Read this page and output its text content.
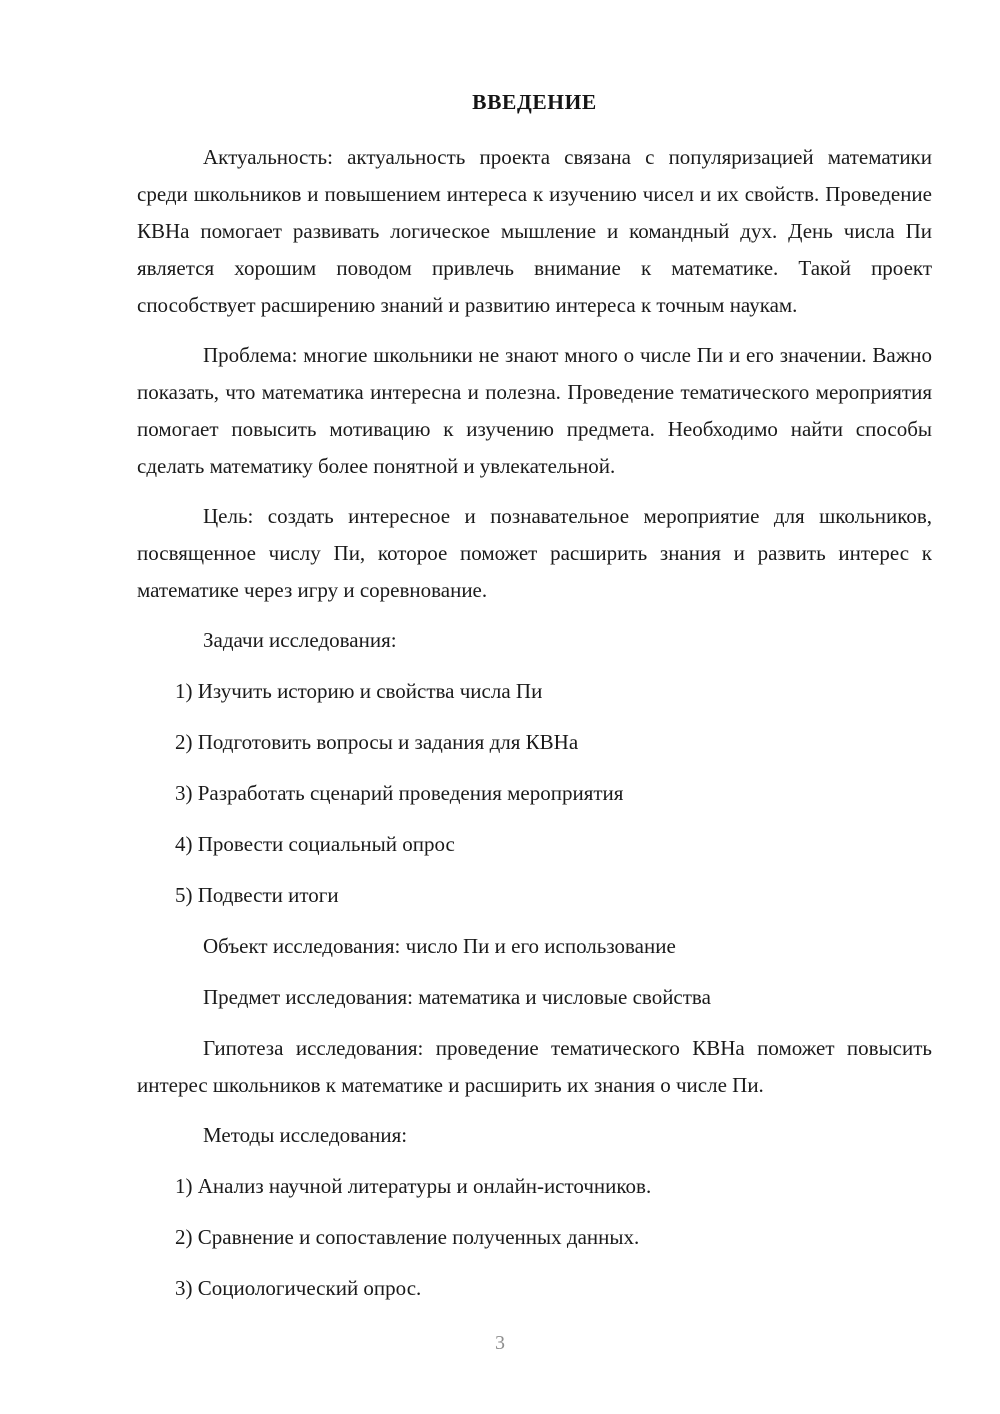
ВВЕДЕНИЕ

Актуальность: актуальность проекта связана с популяризацией математики среди школьников и повышением интереса к изучению чисел и их свойств. Проведение КВНа помогает развивать логическое мышление и командный дух. День числа Пи является хорошим поводом привлечь внимание к математике. Такой проект способствует расширению знаний и развитию интереса к точным наукам.

Проблема: многие школьники не знают много о числе Пи и его значении. Важно показать, что математика интересна и полезна. Проведение тематического мероприятия помогает повысить мотивацию к изучению предмета. Необходимо найти способы сделать математику более понятной и увлекательной.

Цель: создать интересное и познавательное мероприятие для школьников, посвященное числу Пи, которое поможет расширить знания и развить интерес к математике через игру и соревнование.

Задачи исследования:

1) Изучить историю и свойства числа Пи

2) Подготовить вопросы и задания для КВНа

3) Разработать сценарий проведения мероприятия

4) Провести социальный опрос

5) Подвести итоги

Объект исследования: число Пи и его использование

Предмет исследования: математика и числовые свойства

Гипотеза исследования: проведение тематического КВНа поможет повысить интерес школьников к математике и расширить их знания о числе Пи.

Методы исследования:

1) Анализ научной литературы и онлайн-источников.

2) Сравнение и сопоставление полученных данных.

3) Социологический опрос.

3
